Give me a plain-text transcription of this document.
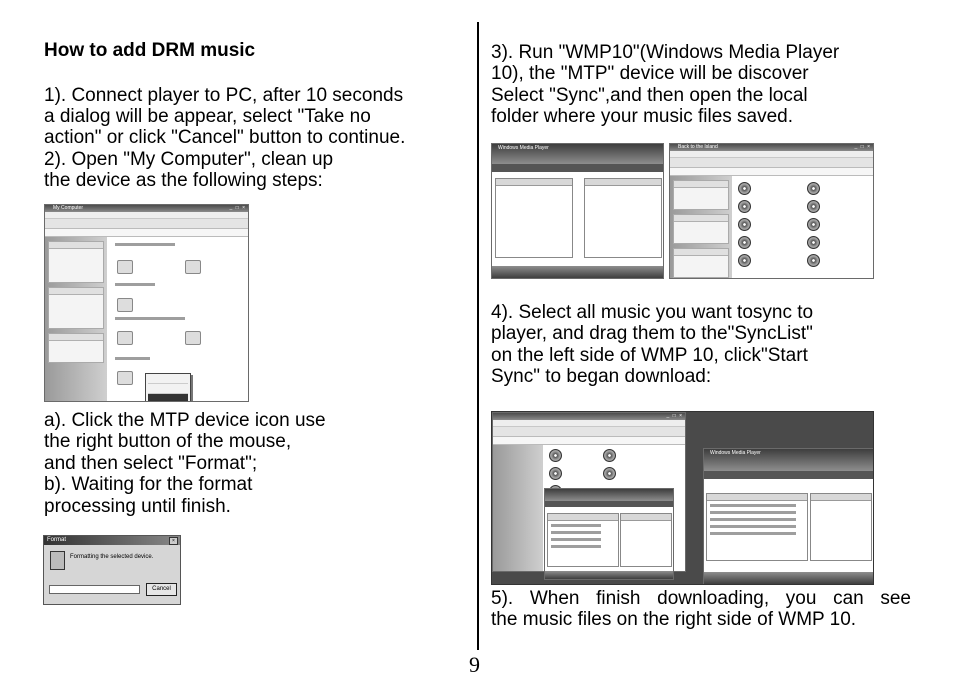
How to add DRM music
1). Connect player to PC, after 10 seconds
a dialog will be appear, select "Take no
action" or click "Cancel" button to continue.
2). Open "My Computer", clean up
the device as the following steps:
My Computer	_ □ ×
a). Click the MTP device icon use
the right button of the mouse,
and then select "Format";
b). Waiting for the format
processing until finish.
Format	×
Formatting the selected device.
Cancel
3). Run "WMP10"(Windows Media Player
10), the "MTP" device will be discover
Select "Sync",and then open the local
folder where your music files saved.
Windows Media Player	Back to the Island	_ □ ×
4). Select all music you want tosync to
player, and drag them to the"SyncList"
on the left side of WMP 10, click"Start
Sync" to began download:
_ □ ×
Windows Media Player
5). When finish downloading, you can see
the music files on the right side of WMP 10.
9
